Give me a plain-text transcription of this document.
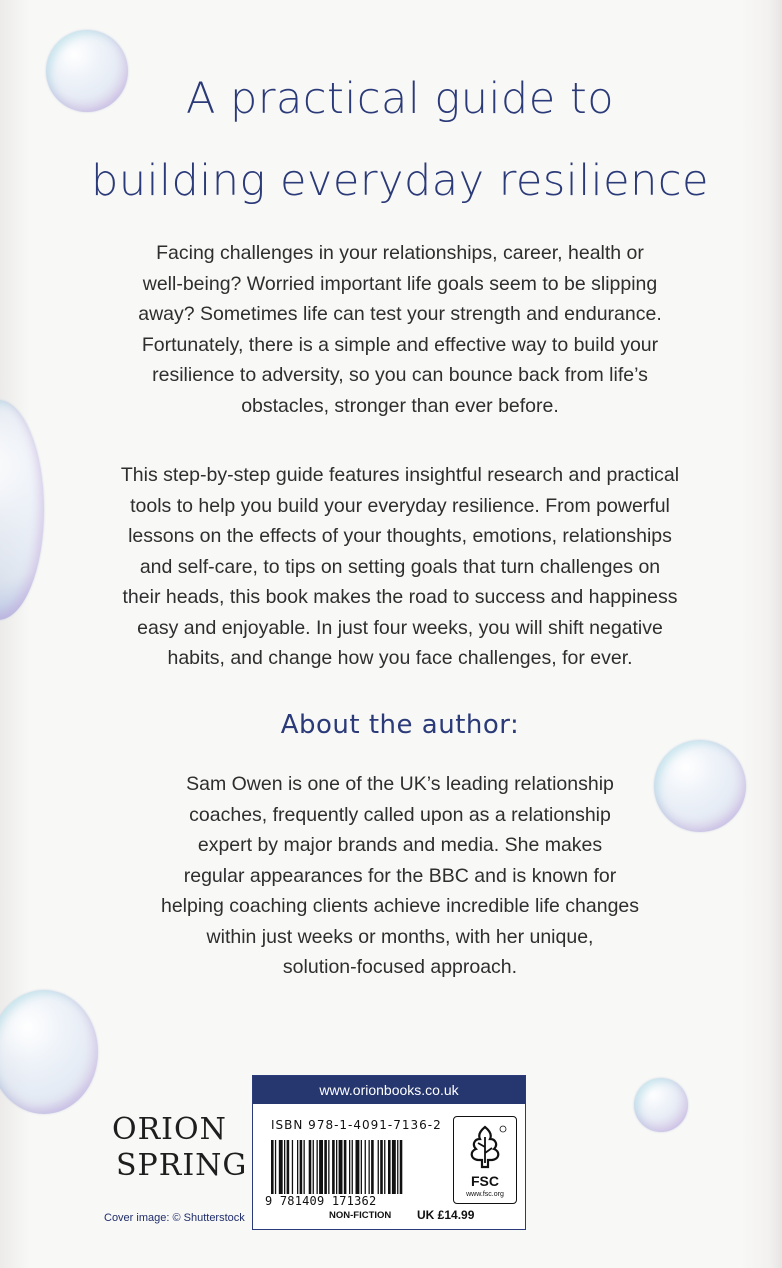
A practical guide to
building everyday resilience
Facing challenges in your relationships, career, health or
well-being? Worried important life goals seem to be slipping
away? Sometimes life can test your strength and endurance.
Fortunately, there is a simple and effective way to build your
resilience to adversity, so you can bounce back from life’s
obstacles, stronger than ever before.
This step-by-step guide features insightful research and practical
tools to help you build your everyday resilience. From powerful
lessons on the effects of your thoughts, emotions, relationships
and self-care, to tips on setting goals that turn challenges on
their heads, this book makes the road to success and happiness
easy and enjoyable. In just four weeks, you will shift negative
habits, and change how you face challenges, for ever.
About the author:
Sam Owen is one of the UK’s leading relationship
coaches, frequently called upon as a relationship
expert by major brands and media. She makes
regular appearances for the BBC and is known for
helping coaching clients achieve incredible life changes
within just weeks or months, with her unique,
solution-focused approach.
ORION
SPRING
Cover image: © Shutterstock
www.orionbooks.co.uk
ISBN 978-1-4091-7136-2
9 781409 171362
FSC
www.fsc.org
NON-FICTION UK £14.99
